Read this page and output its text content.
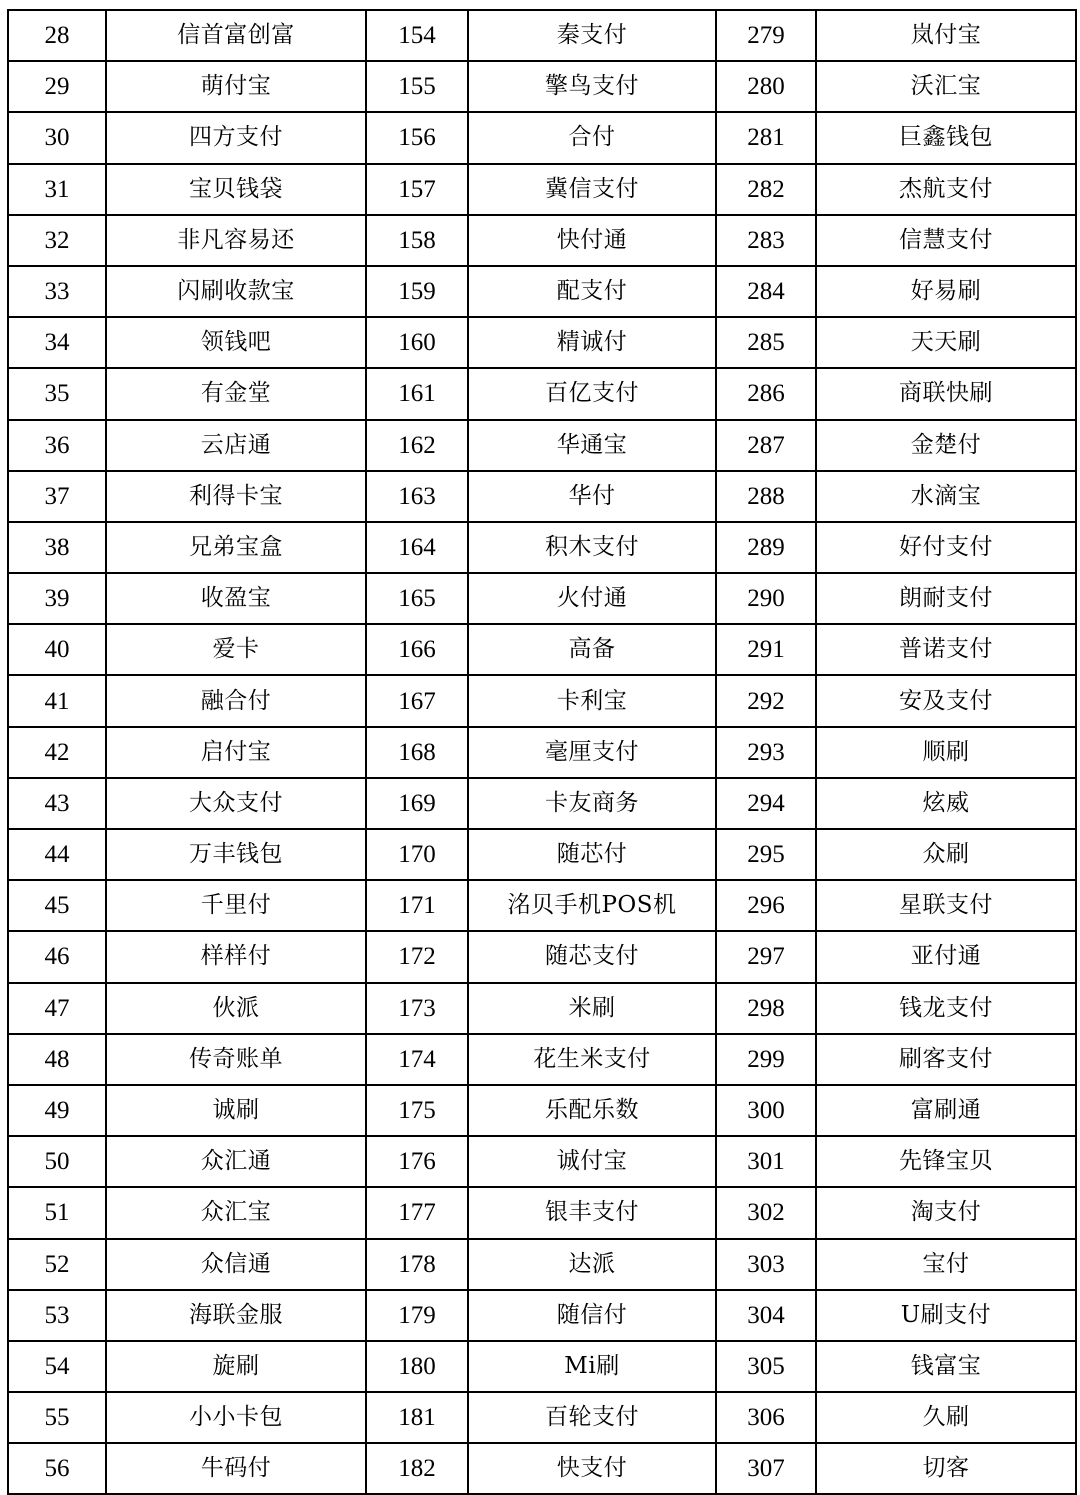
28	信首富创富	154	秦支付	279	岚付宝
29	萌付宝	155	擎鸟支付	280	沃汇宝
30	四方支付	156	合付	281	巨鑫钱包
31	宝贝钱袋	157	冀信支付	282	杰航支付
32	非凡容易还	158	快付通	283	信慧支付
33	闪刷收款宝	159	配支付	284	好易刷
34	领钱吧	160	精诚付	285	天天刷
35	有金堂	161	百亿支付	286	商联快刷
36	云店通	162	华通宝	287	金楚付
37	利得卡宝	163	华付	288	水滴宝
38	兄弟宝盒	164	积木支付	289	好付支付
39	收盈宝	165	火付通	290	朗耐支付
40	爱卡	166	高备	291	普诺支付
41	融合付	167	卡利宝	292	安及支付
42	启付宝	168	毫厘支付	293	顺刷
43	大众支付	169	卡友商务	294	炫威
44	万丰钱包	170	随芯付	295	众刷
45	千里付	171	洺贝手机POS机	296	星联支付
46	样样付	172	随芯支付	297	亚付通
47	伙派	173	米刷	298	钱龙支付
48	传奇账单	174	花生米支付	299	刷客支付
49	诚刷	175	乐配乐数	300	富刷通
50	众汇通	176	诚付宝	301	先锋宝贝
51	众汇宝	177	银丰支付	302	淘支付
52	众信通	178	达派	303	宝付
53	海联金服	179	随信付	304	U刷支付
54	旋刷	180	Mi刷	305	钱富宝
55	小小卡包	181	百轮支付	306	久刷
56	牛码付	182	快支付	307	切客
